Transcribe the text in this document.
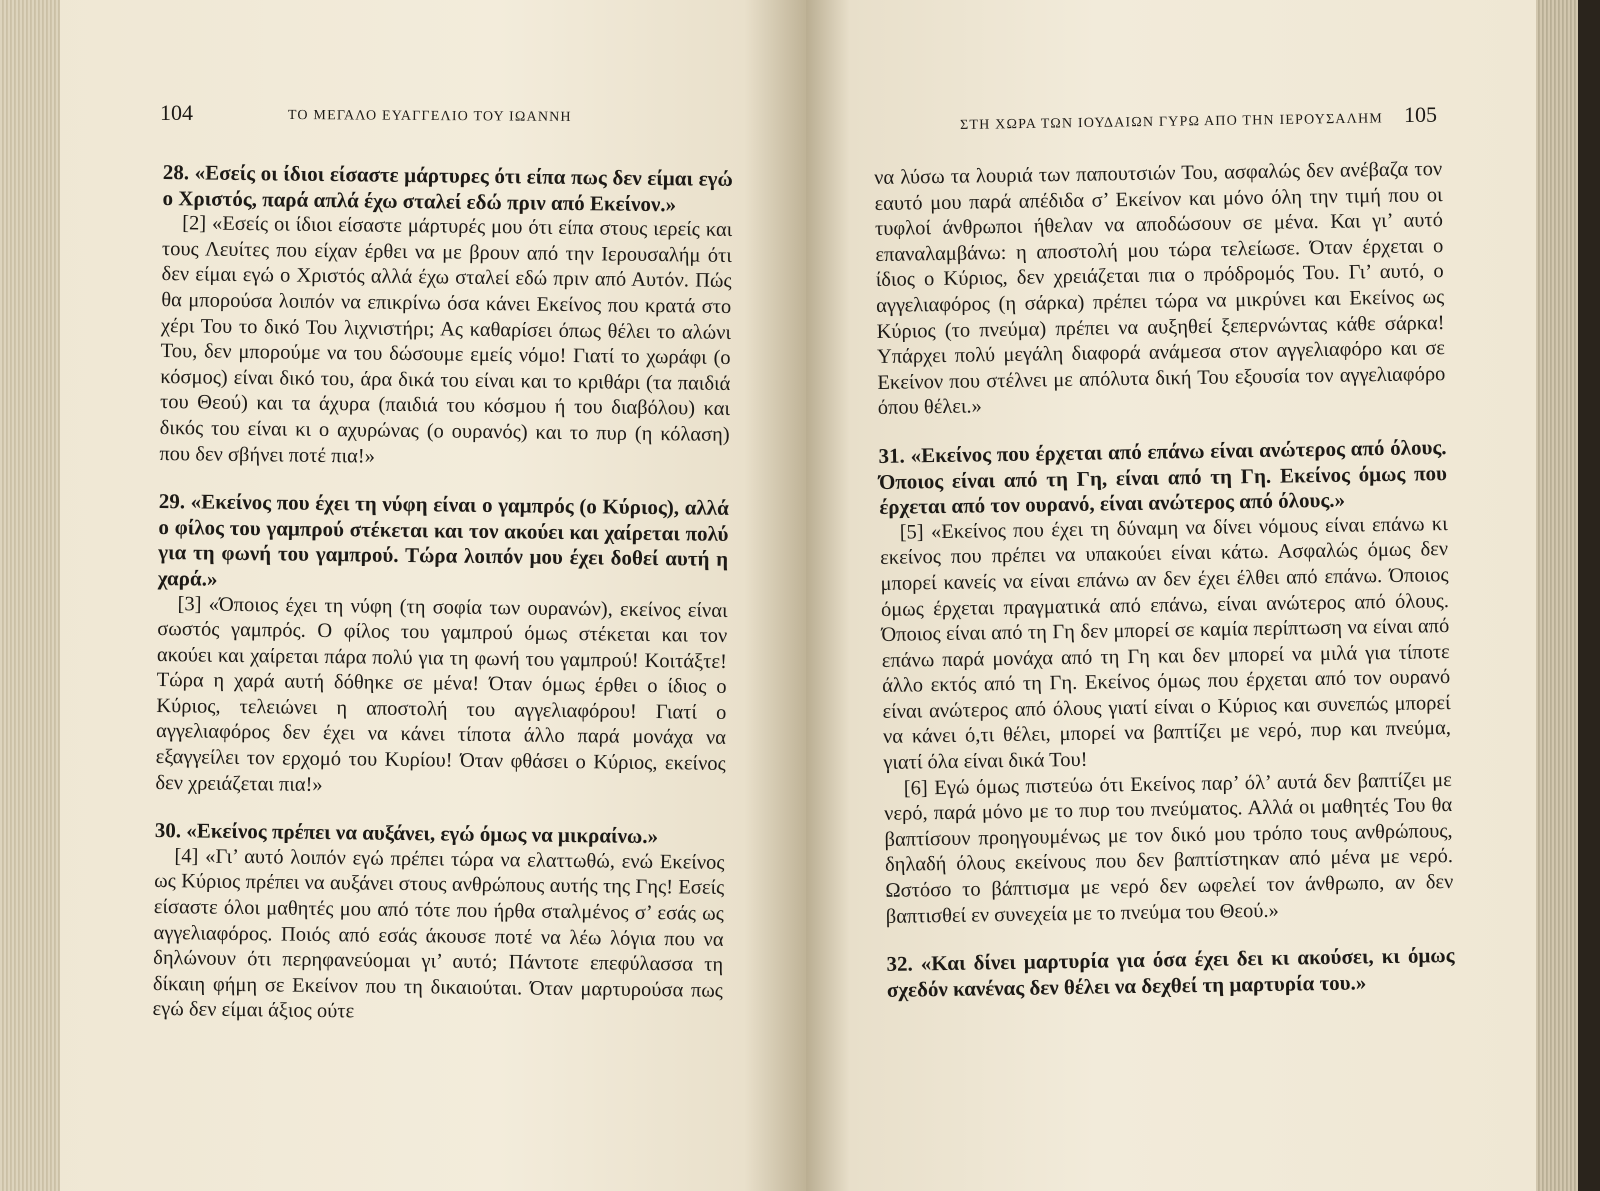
104	ΤΟ ΜΕΓΑΛΟ ΕΥΑΓΓΕΛΙΟ ΤΟΥ ΙΩΑΝΝΗ	ΣΤΗ ΧΩΡΑ ΤΩΝ ΙΟΥΔΑΙΩΝ ΓΥΡΩ ΑΠΟ ΤΗΝ ΙΕΡΟΥΣΑΛΗΜ 105

28. «Εσείς οι ίδιοι είσαστε μάρτυρες ότι είπα πως δεν είμαι εγώ ο Χριστός, παρά απλά έχω σταλεί εδώ πριν από Εκείνον.»

[2] «Εσείς οι ίδιοι είσαστε μάρτυρές μου ότι είπα στους ιερείς και τους Λευίτες που είχαν έρθει να με βρουν από την Ιερουσαλήμ ότι δεν είμαι εγώ ο Χριστός αλλά έχω σταλεί εδώ πριν από Αυτόν. Πώς θα μπορούσα λοιπόν να επικρίνω όσα κάνει Εκείνος που κρατά στο χέρι Του το δικό Του λιχνιστήρι; Ας καθαρίσει όπως θέλει το αλώνι Του, δεν μπορούμε να του δώσουμε εμείς νόμο! Γιατί το χωράφι (ο κόσμος) είναι δικό του, άρα δικά του είναι και το κριθάρι (τα παιδιά του Θεού) και τα άχυρα (παιδιά του κόσμου ή του διαβόλου) και δικός του είναι κι ο αχυρώνας (ο ουρανός) και το πυρ (η κόλαση) που δεν σβήνει ποτέ πια!»

29. «Εκείνος που έχει τη νύφη είναι ο γαμπρός (ο Κύριος), αλλά ο φίλος του γαμπρού στέκεται και τον ακούει και χαίρεται πολύ για τη φωνή του γαμπρού. Τώρα λοιπόν μου έχει δοθεί αυτή η χαρά.»

[3] «Όποιος έχει τη νύφη (τη σοφία των ουρανών), εκείνος είναι σωστός γαμπρός. Ο φίλος του γαμπρού όμως στέκεται και τον ακούει και χαίρεται πάρα πολύ για τη φωνή του γαμπρού! Κοιτάξτε! Τώρα η χαρά αυτή δόθηκε σε μένα! Όταν όμως έρθει ο ίδιος ο Κύριος, τελειώνει η αποστολή του αγγελιαφόρου! Γιατί ο αγγελιαφόρος δεν έχει να κάνει τίποτα άλλο παρά μονάχα να εξαγγείλει τον ερχομό του Κυρίου! Όταν φθάσει ο Κύριος, εκείνος δεν χρειάζεται πια!»

30. «Εκείνος πρέπει να αυξάνει, εγώ όμως να μικραίνω.»

[4] «Γι’ αυτό λοιπόν εγώ πρέπει τώρα να ελαττωθώ, ενώ Εκείνος ως Κύριος πρέπει να αυξάνει στους ανθρώπους αυτής της Γης! Εσείς είσαστε όλοι μαθητές μου από τότε που ήρθα σταλμένος σ’ εσάς ως αγγελιαφόρος. Ποιός από εσάς άκουσε ποτέ να λέω λόγια που να δηλώνουν ότι περηφανεύομαι γι’ αυτό; Πάντοτε επεφύλασσα τη δίκαιη φήμη σε Εκείνον που τη δικαιούται. Όταν μαρτυρούσα πως εγώ δεν είμαι άξιος ούτε

να λύσω τα λουριά των παπουτσιών Του, ασφαλώς δεν ανέβαζα τον εαυτό μου παρά απέδιδα σ’ Εκείνον και μόνο όλη την τιμή που οι τυφλοί άνθρωποι ήθελαν να αποδώσουν σε μένα. Και γι’ αυτό επαναλαμβάνω: η αποστολή μου τώρα τελείωσε. Όταν έρχεται ο ίδιος ο Κύριος, δεν χρειάζεται πια ο πρόδρομός Του. Γι’ αυτό, ο αγγελιαφόρος (η σάρκα) πρέπει τώρα να μικρύνει και Εκείνος ως Κύριος (το πνεύμα) πρέπει να αυξηθεί ξεπερνώντας κάθε σάρκα! Υπάρχει πολύ μεγάλη διαφορά ανάμεσα στον αγγελιαφόρο και σε Εκείνον που στέλνει με απόλυτα δική Του εξουσία τον αγγελιαφόρο όπου θέλει.»

31. «Εκείνος που έρχεται από επάνω είναι ανώτερος από όλους. Όποιος είναι από τη Γη, είναι από τη Γη. Εκείνος όμως που έρχεται από τον ουρανό, είναι ανώτερος από όλους.»

[5] «Εκείνος που έχει τη δύναμη να δίνει νόμους είναι επάνω κι εκείνος που πρέπει να υπακούει είναι κάτω. Ασφαλώς όμως δεν μπορεί κανείς να είναι επάνω αν δεν έχει έλθει από επάνω. Όποιος όμως έρχεται πραγματικά από επάνω, είναι ανώτερος από όλους. Όποιος είναι από τη Γη δεν μπορεί σε καμία περίπτωση να είναι από επάνω παρά μονάχα από τη Γη και δεν μπορεί να μιλά για τίποτε άλλο εκτός από τη Γη. Εκείνος όμως που έρχεται από τον ουρανό είναι ανώτερος από όλους γιατί είναι ο Κύριος και συνεπώς μπορεί να κάνει ό,τι θέλει, μπορεί να βαπτίζει με νερό, πυρ και πνεύμα, γιατί όλα είναι δικά Του!

[6] Εγώ όμως πιστεύω ότι Εκείνος παρ’ όλ’ αυτά δεν βαπτίζει με νερό, παρά μόνο με το πυρ του πνεύματος. Αλλά οι μαθητές Του θα βαπτίσουν προηγουμένως με τον δικό μου τρόπο τους ανθρώπους, δηλαδή όλους εκείνους που δεν βαπτίστηκαν από μένα με νερό. Ωστόσο το βάπτισμα με νερό δεν ωφελεί τον άνθρωπο, αν δεν βαπτισθεί εν συνεχεία με το πνεύμα του Θεού.»

32. «Και δίνει μαρτυρία για όσα έχει δει κι ακούσει, κι όμως σχεδόν κανένας δεν θέλει να δεχθεί τη μαρτυρία του.»
